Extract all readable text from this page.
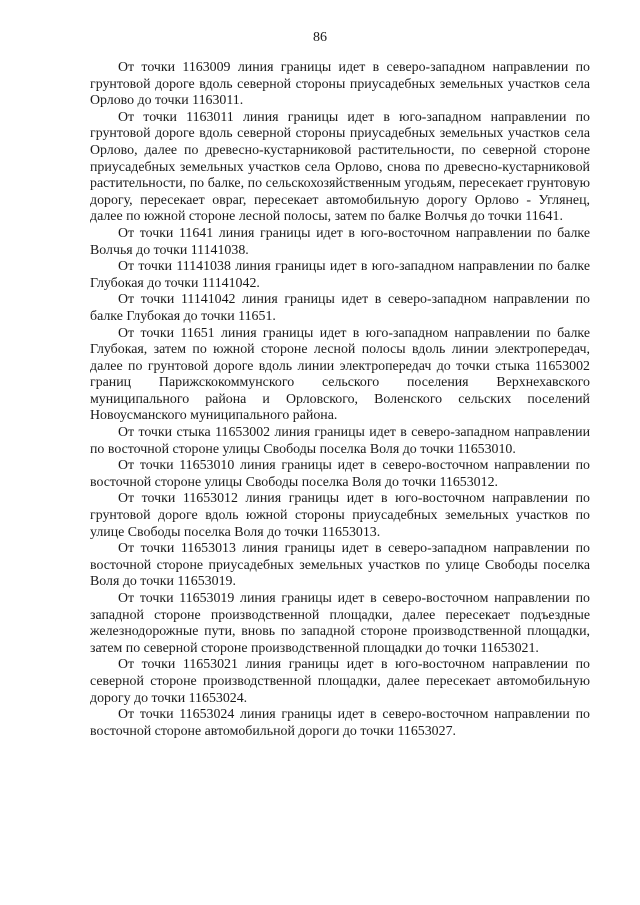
86

От точки 1163009 линия границы идет в северо-западном направлении по грунтовой дороге вдоль северной стороны приусадебных земельных участков села Орлово до точки 1163011.

От точки 1163011 линия границы идет в юго-западном направлении по грунтовой дороге вдоль северной стороны приусадебных земельных участков села Орлово, далее по древесно-кустарниковой растительности, по северной стороне приусадебных земельных участков села Орлово, снова по древесно-кустарниковой растительности, по балке, по сельскохозяйственным угодьям, пересекает грунтовую дорогу, пересекает овраг, пересекает автомобильную дорогу Орлово - Углянец, далее по южной стороне лесной полосы, затем по балке Волчья до точки 11641.

От точки 11641 линия границы идет в юго-восточном направлении по балке Волчья до точки 11141038.

От точки 11141038 линия границы идет в юго-западном направлении по балке Глубокая до точки 11141042.

От точки 11141042 линия границы идет в северо-западном направлении по балке Глубокая до точки 11651.

От точки 11651 линия границы идет в юго-западном направлении по балке Глубокая, затем по южной стороне лесной полосы вдоль линии электропередач, далее по грунтовой дороге вдоль линии электропередач до точки стыка 11653002 границ Парижскокоммунского сельского поселения Верхнехавского муниципального района и Орловского, Воленского сельских поселений Новоусманского муниципального района.

От точки стыка 11653002 линия границы идет в северо-западном направлении по восточной стороне улицы Свободы поселка Воля до точки 11653010.

От точки 11653010 линия границы идет в северо-восточном направлении по восточной стороне улицы Свободы поселка Воля до точки 11653012.

От точки 11653012 линия границы идет в юго-восточном направлении по грунтовой дороге вдоль южной стороны приусадебных земельных участков по улице Свободы поселка Воля до точки 11653013.

От точки 11653013 линия границы идет в северо-западном направлении по восточной стороне приусадебных земельных участков по улице Свободы поселка Воля до точки 11653019.

От точки 11653019 линия границы идет в северо-восточном направлении по западной стороне производственной площадки, далее пересекает подъездные железнодорожные пути, вновь по западной стороне производственной площадки, затем по северной стороне производственной площадки до точки 11653021.

От точки 11653021 линия границы идет в юго-восточном направлении по северной стороне производственной площадки, далее пересекает автомобильную дорогу до точки 11653024.

От точки 11653024 линия границы идет в северо-восточном направлении по восточной стороне автомобильной дороги до точки 11653027.
